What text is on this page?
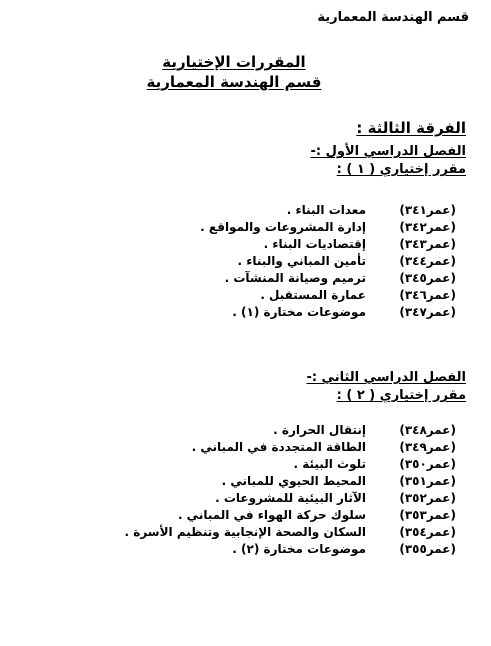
قسم الهندسة المعمارية
المقررات الإختيارية
قسم الهندسة المعمارية
الفرقة الثالثة :
الفصل الدراسي الأول :-
مقرر إختياري ( ١ ) :
(عمر٣٤١)
معدات البناء .
(عمر٣٤٢)
إدارة المشروعات والمواقع .
(عمر٣٤٣)
إقتصاديات البناء .
(عمر٣٤٤)
تأمين المباني والبناء .
(عمر٣٤٥)
ترميم وصيانة المنشآت .
(عمر٣٤٦)
عمارة المستقبل .
(عمر٣٤٧)
موضوعات مختارة (١) .
الفصل الدراسي الثاني :-
مقرر إختياري ( ٢ ) :
(عمر٣٤٨)
إنتقال الحرارة .
(عمر٣٤٩)
الطاقة المتجددة في المباني .
(عمر٣٥٠)
تلوث البيئة .
(عمر٣٥١)
المحيط الحيوي للمباني .
(عمر٣٥٢)
الآثار البيئية للمشروعات .
(عمر٣٥٣)
سلوك حركة الهواء في المباني .
(عمر٣٥٤)
السكان والصحة الإنجابية وتنظيم الأسرة .
(عمر٣٥٥)
موضوعات مختارة (٢) .
